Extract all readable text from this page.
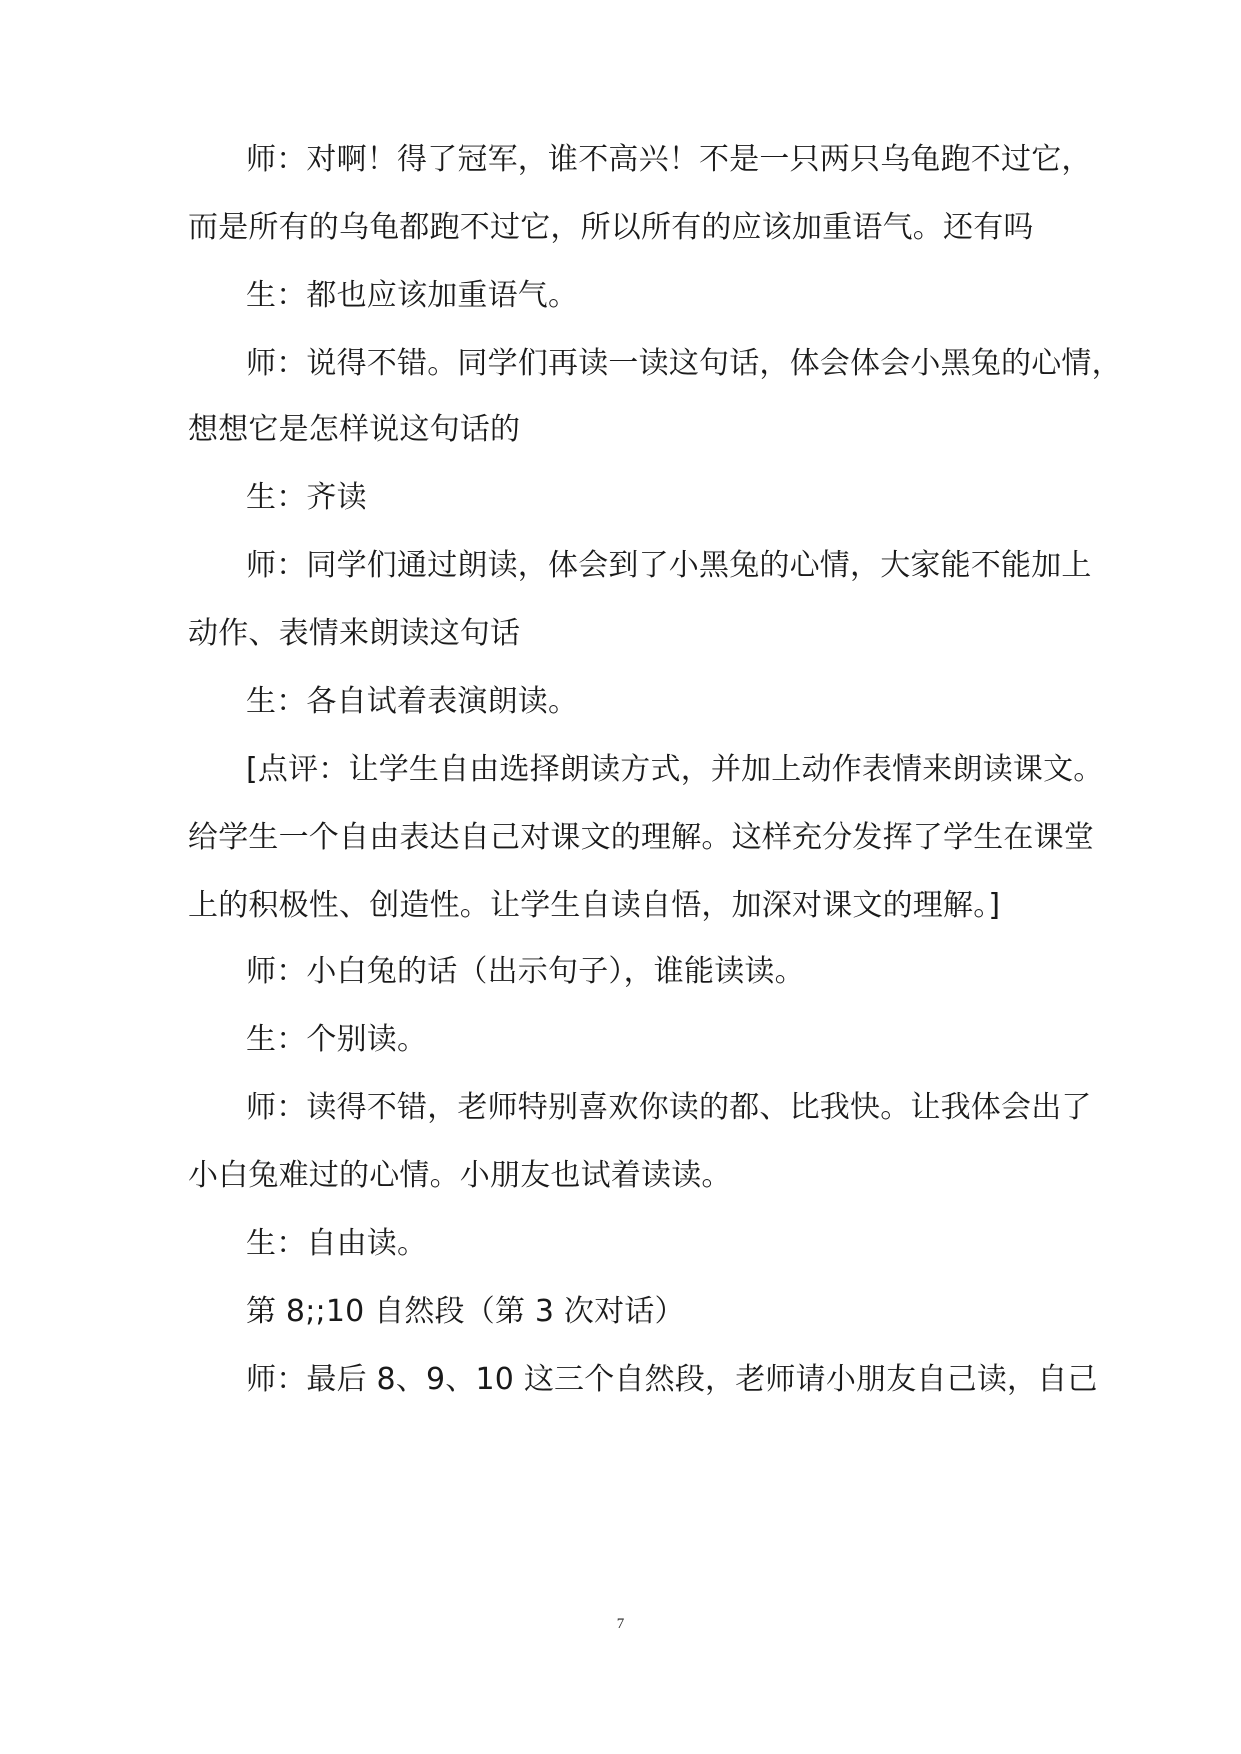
师：对啊！得了冠军，谁不高兴！不是一只两只乌龟跑不过它，
而是所有的乌龟都跑不过它，所以所有的应该加重语气。还有吗
生：都也应该加重语气。
师：说得不错。同学们再读一读这句话，体会体会小黑兔的心情，
想想它是怎样说这句话的
生：齐读
师：同学们通过朗读，体会到了小黑兔的心情，大家能不能加上
动作、表情来朗读这句话
生：各自试着表演朗读。
[点评：让学生自由选择朗读方式，并加上动作表情来朗读课文。
给学生一个自由表达自己对课文的理解。这样充分发挥了学生在课堂
上的积极性、创造性。让学生自读自悟，加深对课文的理解。]
师：小白兔的话（出示句子），谁能读读。
生：个别读。
师：读得不错，老师特别喜欢你读的都、比我快。让我体会出了
小白兔难过的心情。小朋友也试着读读。
生：自由读。
第 8;;10 自然段（第 3 次对话）
师：最后 8、9、10 这三个自然段，老师请小朋友自己读，自己
7
